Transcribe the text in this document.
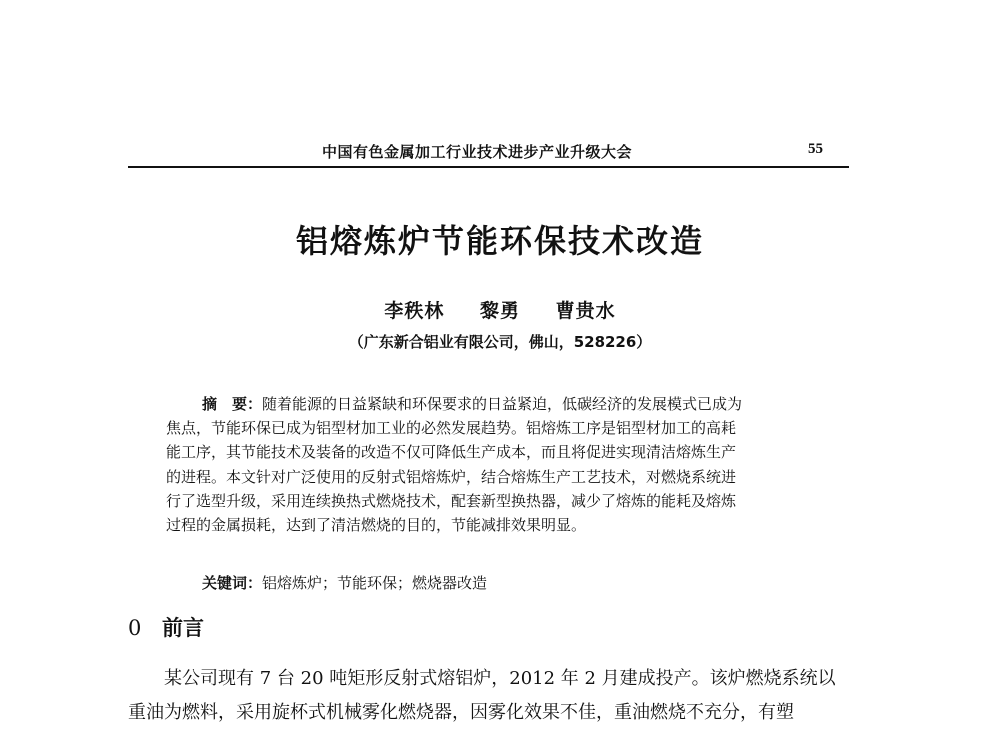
中国有色金属加工行业技术进步产业升级大会	55
铝熔炼炉节能环保技术改造
李秩林 黎勇 曹贵水
（广东新合铝业有限公司，佛山，528226）
摘　要：随着能源的日益紧缺和环保要求的日益紧迫，低碳经济的发展模式已成为
焦点，节能环保已成为铝型材加工业的必然发展趋势。铝熔炼工序是铝型材加工的高耗
能工序，其节能技术及装备的改造不仅可降低生产成本，而且将促进实现清洁熔炼生产
的进程。本文针对广泛使用的反射式铝熔炼炉，结合熔炼生产工艺技术，对燃烧系统进
行了选型升级，采用连续换热式燃烧技术，配套新型换热器，减少了熔炼的能耗及熔炼
过程的金属损耗，达到了清洁燃烧的目的，节能减排效果明显。
关键词：铝熔炼炉；节能环保；燃烧器改造
0 前言
某公司现有 7 台 20 吨矩形反射式熔铝炉，2012 年 2 月建成投产。该炉燃烧系统以
重油为燃料，采用旋杯式机械雾化燃烧器，因雾化效果不佳，重油燃烧不充分，有塑
